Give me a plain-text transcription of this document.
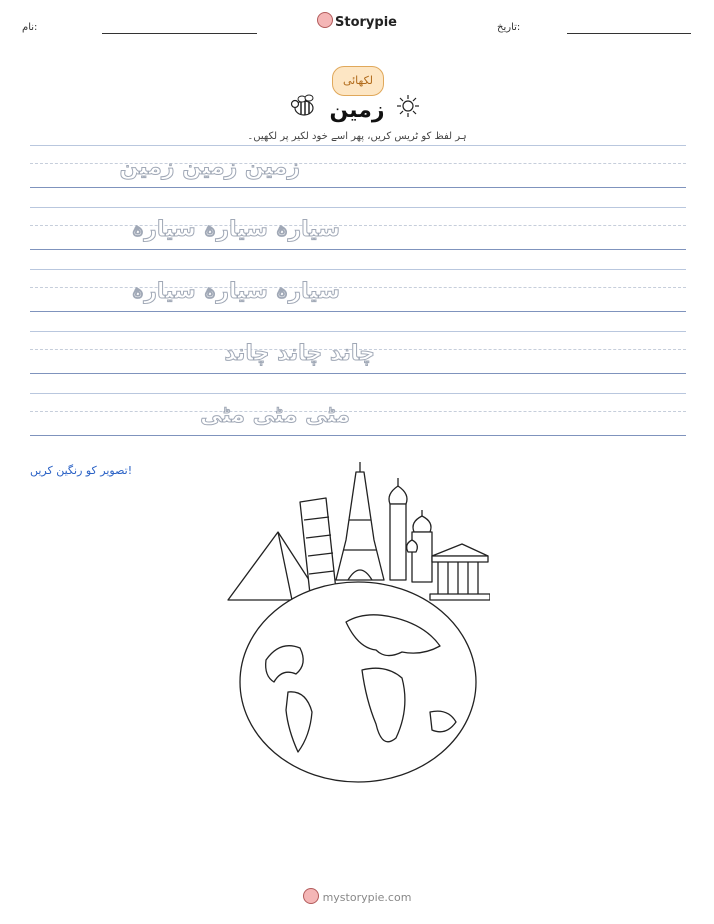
نام:	Storypie	تاریخ:
لکھائی
زمین
ہر لفظ کو ٹریس کریں، پھر اسے خود لکیر پر لکھیں۔
زمین زمین زمین
سیارہ سیارہ سیارہ
سیارہ سیارہ سیارہ
چاند چاند چاند
مٹی مٹی مٹی
تصویر کو رنگین کریں!
mystorypie.com
